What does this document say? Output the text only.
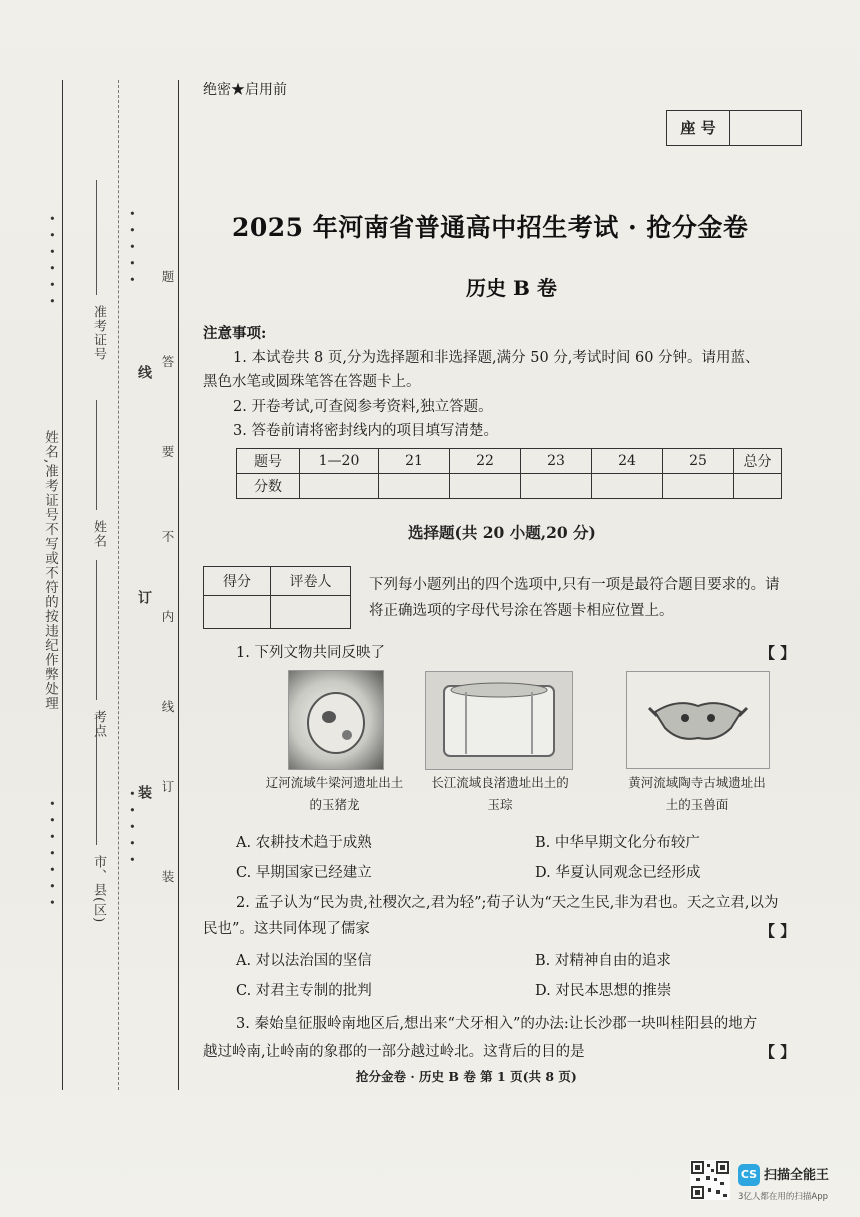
姓名,准考证号不写或不符的按违纪作弊处理
••••••
•••••••
•••••
•••••
市、县(区)
考点
姓名
准考证号
装
订
线
装
订
线
内
不
要
答
题
绝密★启用前
座 号
2025 年河南省普通高中招生考试 · 抢分金卷
历史 B 卷
注意事项:
1. 本试卷共 8 页,分为选择题和非选择题,满分 50 分,考试时间 60 分钟。请用蓝、黑色水笔或圆珠笔答在答题卡上。
2. 开卷考试,可查阅参考资料,独立答题。
3. 答卷前请将密封线内的项目填写清楚。
题号	1—20	21	22	23	24	25	总分
分数							
选择题(共 20 小题,20 分)
得分	评卷人
		下列每小题列出的四个选项中,只有一项是最符合题目要求的。请将正确选项的字母代号涂在答题卡相应位置上。
1. 下列文物共同反映了	【 】
辽河流域牛梁河遗址出土的玉猪龙
长江流域良渚遗址出土的玉琮
黄河流域陶寺古城遗址出土的玉兽面
A. 农耕技术趋于成熟	B. 中华早期文化分布较广
C. 早期国家已经建立	D. 华夏认同观念已经形成
2. 孟子认为“民为贵,社稷次之,君为轻”;荀子认为“天之生民,非为君也。天之立君,以为民也”。这共同体现了儒家	【 】
A. 对以法治国的坚信	B. 对精神自由的追求
C. 对君主专制的批判	D. 对民本思想的推崇
3. 秦始皇征服岭南地区后,想出来“犬牙相入”的办法:让长沙郡一块叫桂阳县的地方越过岭南,让岭南的象郡的一部分越过岭北。这背后的目的是	【 】
抢分金卷 · 历史 B 卷 第 1 页(共 8 页)
CS 扫描全能王
3亿人都在用的扫描App
